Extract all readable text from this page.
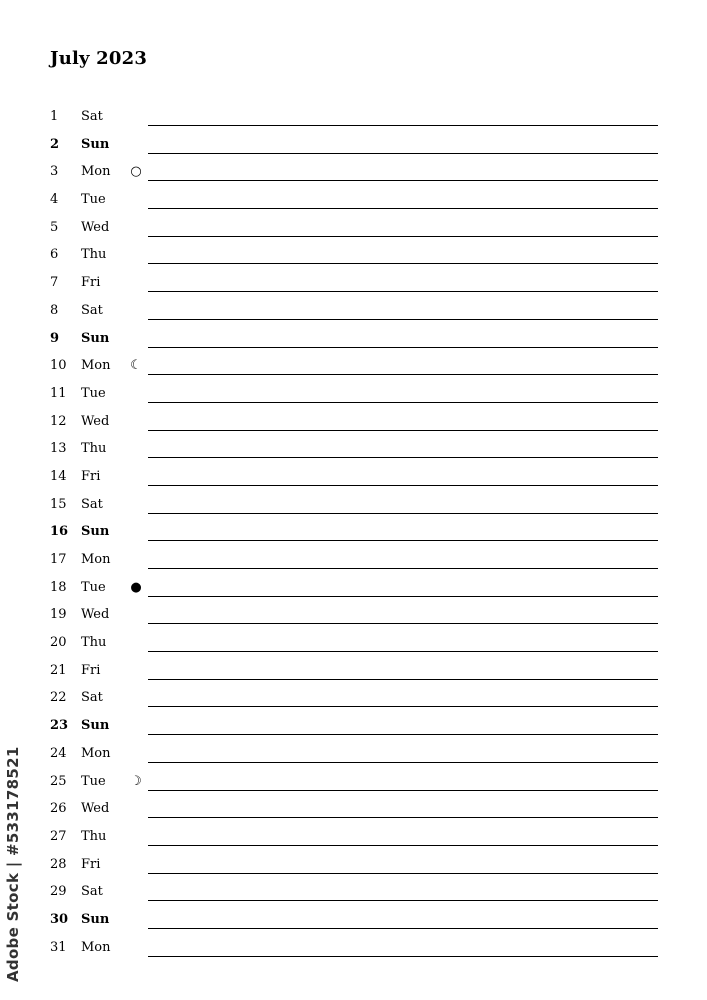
July 2023
1 Sat
2 Sun
3 Mon ○
4 Tue
5 Wed
6 Thu
7 Fri
8 Sat
9 Sun
10 Mon ☾
11 Tue
12 Wed
13 Thu
14 Fri
15 Sat
16 Sun
17 Mon
18 Tue ●
19 Wed
20 Thu
21 Fri
22 Sat
23 Sun
24 Mon
25 Tue ☽
26 Wed
27 Thu
28 Fri
29 Sat
30 Sun
31 Mon
Adobe Stock | #533178521
